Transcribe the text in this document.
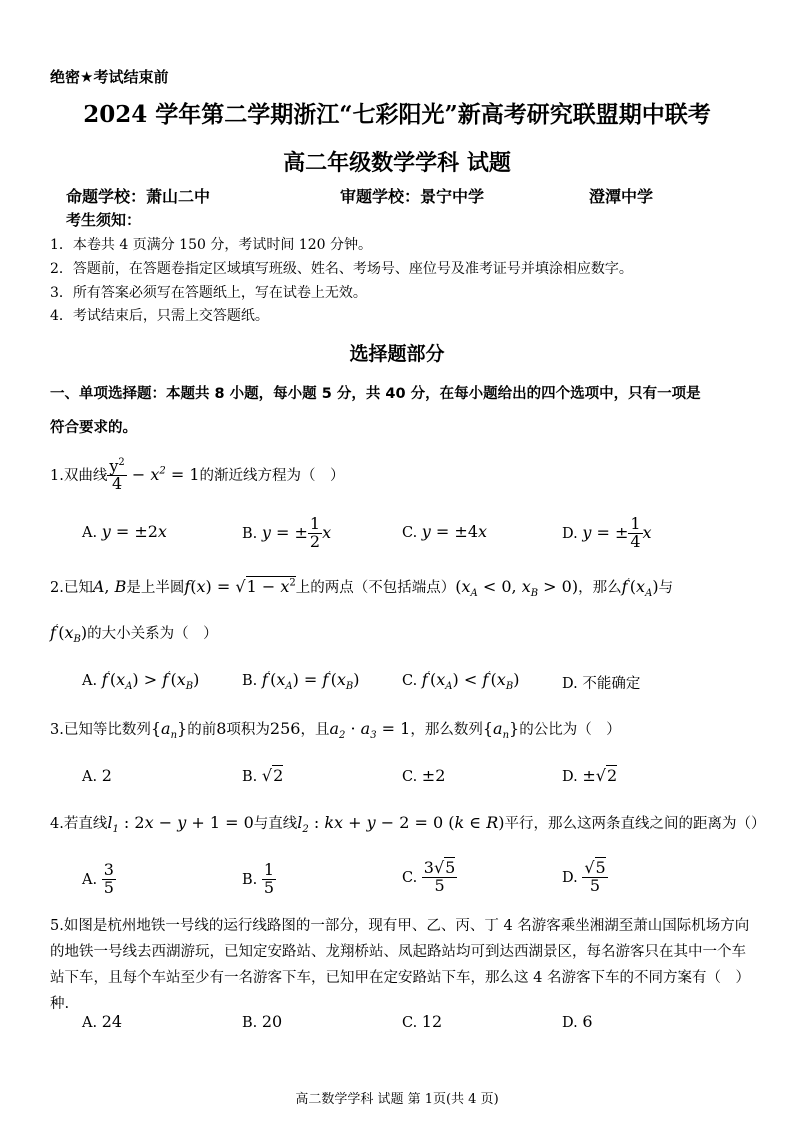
绝密★考试结束前
2024 学年第二学期浙江“七彩阳光”新高考研究联盟期中联考
高二年级数学学科 试题
命题学校：萧山二中	审题学校：景宁中学	澄潭中学
考生须知：
1．本卷共 4 页满分 150 分，考试时间 120 分钟。
2．答题前，在答题卷指定区域填写班级、姓名、考场号、座位号及准考证号并填涂相应数字。
3．所有答案必须写在答题纸上，写在试卷上无效。
4．考试结束后，只需上交答题纸。
选择题部分
一、单项选择题：本题共 8 小题，每小题 5 分，共 40 分，在每小题给出的四个选项中，只有一项是
符合要求的。
1.双曲线 $\frac{y^2}{4} - x^2 = 1$的渐近线方程为（　）
A. y = ±2x	B. y = ± $\frac{1}{2}$ x	C. y = ±4x	D. y = ± $\frac{1}{4}$ x
2.已知A, B是上半圆$f(x) = √1 - x^2$上的两点（不包括端点）($x_A < 0$, $x_B > 0$)，那么$f'(x_A)$与
$f'(x_B)$的大小关系为（　）
A. $f'(x_A) > f'(x_B)$	B. $f'(x_A) = f'(x_B)$	C. $f'(x_A) < f'(x_B)$	D. 不能确定
3.已知等比数列$\{a_n\}$的前8项积为256，且$a_2 \cdot a_3 = 1$，那么数列$\{a_n\}$的公比为（　）
A. 2	B. √2	C. ±2	D. ±√2
4.若直线$l_1$ : 2x − y + 1 = 0与直线$l_2$ : kx + y − 2 = 0 (k ∈ R)平行，那么这两条直线之间的距离为（）
A. $\frac{3}{5}$	B. $\frac{1}{5}$	C. $\frac{3√5}{5}$	D. $\frac{√5}{5}$
5.如图是杭州地铁一号线的运行线路图的一部分，现有甲、乙、丙、丁 4 名游客乘坐湘湖至萧山国际机场方向的地铁一号线去西湖游玩，已知定安路站、龙翔桥站、凤起路站均可到达西湖景区，每名游客只在其中一个车站下车，且每个车站至少有一名游客下车，已知甲在定安路站下车，那么这 4 名游客下车的不同方案有（　）种.
A. 24	B. 20	C. 12	D. 6
高二数学学科 试题 第 1页(共 4 页)
